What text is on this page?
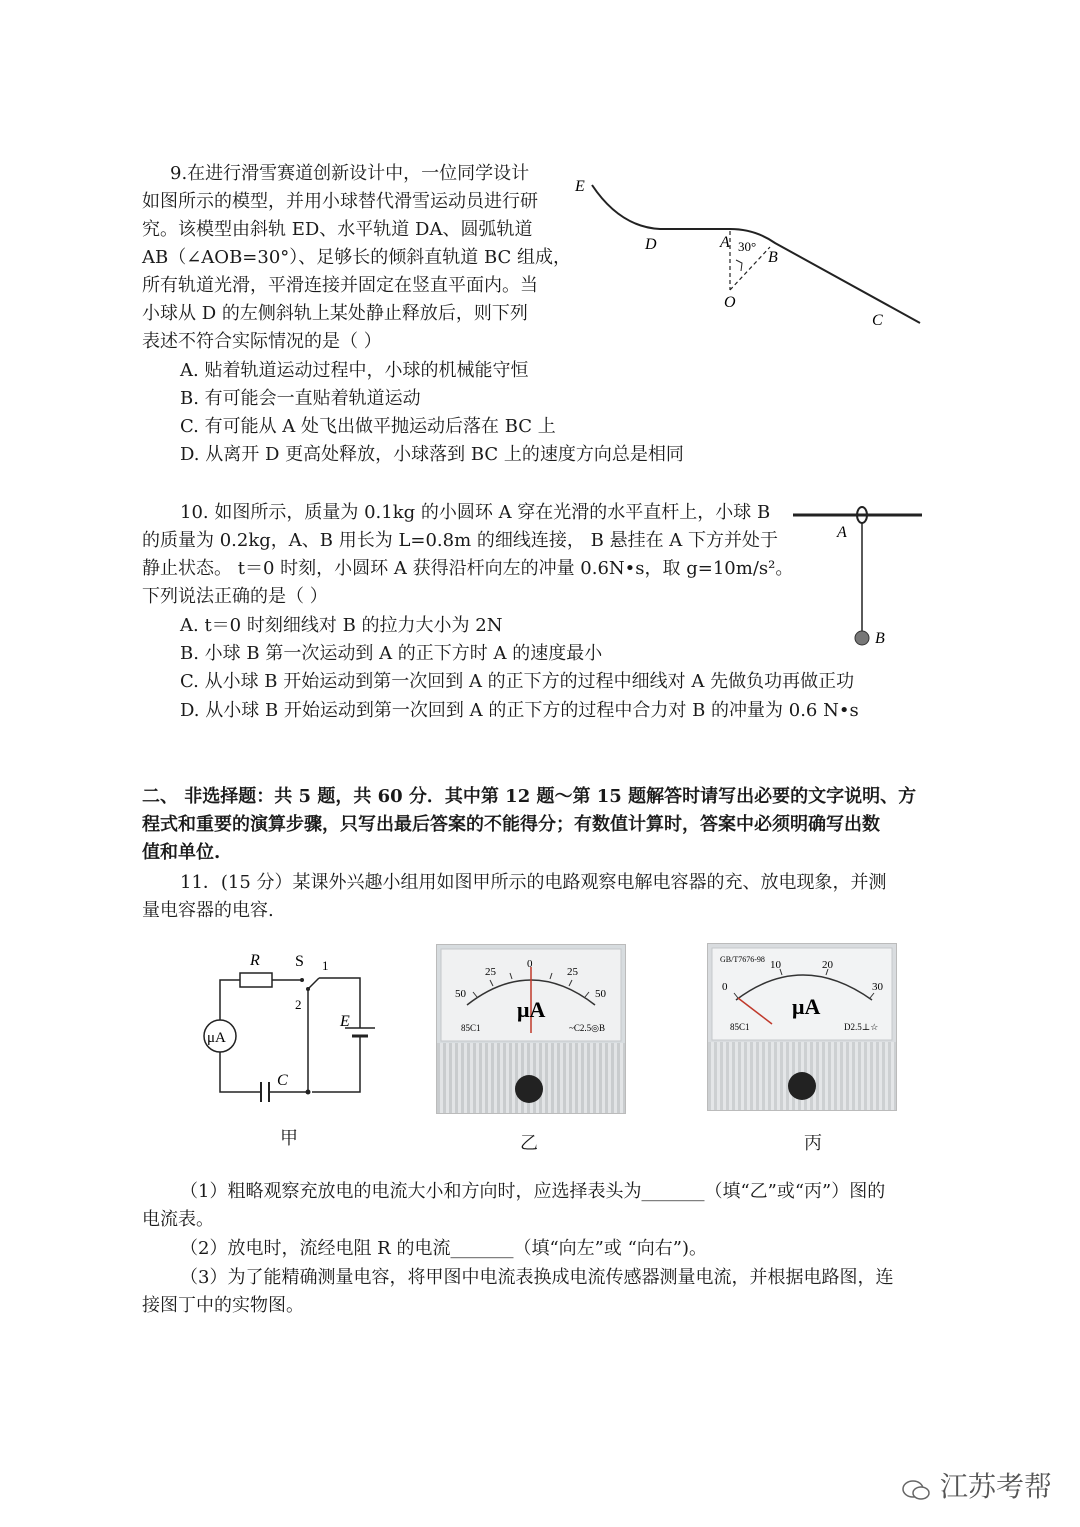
9.在进行滑雪赛道创新设计中，一位同学设计
如图所示的模型，并用小球替代滑雪运动员进行研
究。该模型由斜轨 ED、水平轨道 DA、圆弧轨道
AB（∠AOB=30°）、足够长的倾斜直轨道 BC 组成，
所有轨道光滑，平滑连接并固定在竖直平面内。当
小球从 D 的左侧斜轨上某处静止释放后，则下列
表述不符合实际情况的是（ ）
A. 贴着轨道运动过程中，小球的机械能守恒
B. 有可能会一直贴着轨道运动
C. 有可能从 A 处飞出做平抛运动后落在 BC 上
D. 从离开 D 更高处释放，小球落到 BC 上的速度方向总是相同
E
D	A 30°
B
O
C
10. 如图所示，质量为 0.1kg 的小圆环 A 穿在光滑的水平直杆上，小球 B
的质量为 0.2kg，A、B 用长为 L=0.8m 的细线连接， B 悬挂在 A 下方并处于
静止状态。 t＝0 时刻，小圆环 A 获得沿杆向左的冲量 0.6N•s，取 g=10m/s²。
下列说法正确的是（ ）
A. t＝0 时刻细线对 B 的拉力大小为 2N
B. 小球 B 第一次运动到 A 的正下方时 A 的速度最小
C. 从小球 B 开始运动到第一次回到 A 的正下方的过程中细线对 A 先做负功再做正功
D. 从小球 B 开始运动到第一次回到 A 的正下方的过程中合力对 B 的冲量为 0.6 N•s
A
B
二、 非选择题：共 5 题，共 60 分．其中第 12 题～第 15 题解答时请写出必要的文字说明、方
程式和重要的演算步骤，只写出最后答案的不能得分；有数值计算时，答案中必须明确写出数
值和单位.
11．(15 分）某课外兴趣小组用如图甲所示的电路观察电解电容器的充、放电现象，并测
量电容器的电容.
μA
R S 1
2
E
C
甲
50
25
0
25
50
μA
85C1	~C2.5◎B
乙
GB/T7676-98
0
10	20
30
μA
85C1	D2.5⊥☆
丙
（1）粗略观察充放电的电流大小和方向时，应选择表头为_______（填“乙”或“丙”）图的
电流表。
（2）放电时，流经电阻 R 的电流_______（填“向左”或 “向右”)。
（3）为了能精确测量电容，将甲图中电流表换成电流传感器测量电流，并根据电路图，连
接图丁中的实物图。
江苏考帮
